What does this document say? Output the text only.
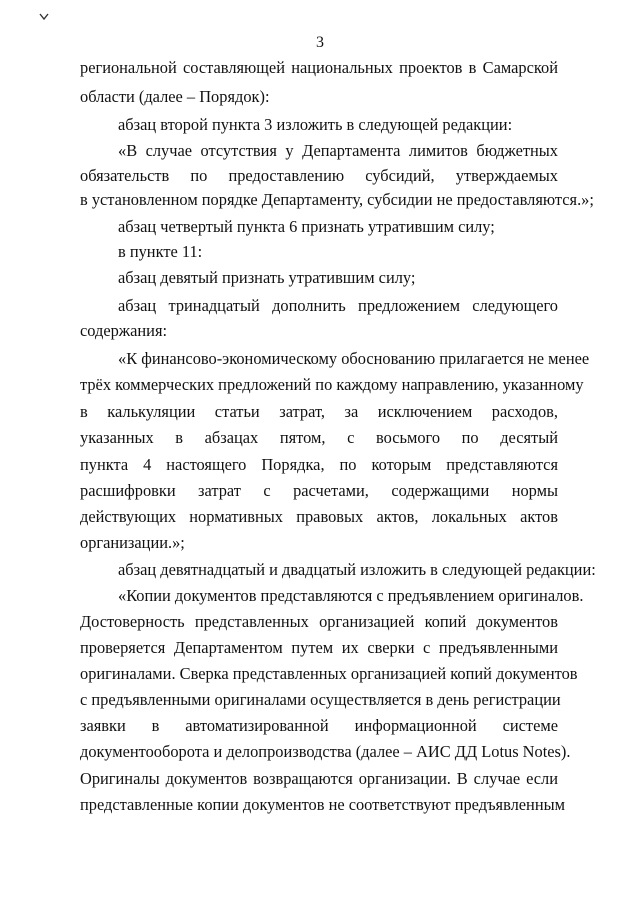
3
региональной составляющей национальных проектов в Самарской
области (далее – Порядок):
абзац второй пункта 3 изложить в следующей редакции:
«В случае отсутствия у Департамента лимитов бюджетных
обязательств по предоставлению субсидий, утверждаемых
в установленном порядке Департаменту, субсидии не предоставляются.»;
абзац четвертый пункта 6 признать утратившим силу;
в пункте 11:
абзац девятый признать утратившим силу;
абзац тринадцатый дополнить предложением следующего
содержания:
«К финансово-экономическому обоснованию прилагается не менее
трёх коммерческих предложений по каждому направлению, указанному
в калькуляции статьи затрат, за исключением расходов,
указанных в абзацах пятом, с восьмого по десятый
пункта 4 настоящего Порядка, по которым представляются
расшифровки затрат с расчетами, содержащими нормы
действующих нормативных правовых актов, локальных актов
организации.»;
абзац девятнадцатый и двадцатый изложить в следующей редакции:
«Копии документов представляются с предъявлением оригиналов.
Достоверность представленных организацией копий документов
проверяется Департаментом путем их сверки с предъявленными
оригиналами. Сверка представленных организацией копий документов
с предъявленными оригиналами осуществляется в день регистрации
заявки в автоматизированной информационной системе
документооборота и делопроизводства (далее – АИС ДД Lotus Notes).
Оригиналы документов возвращаются организации. В случае если
представленные копии документов не соответствуют предъявленным
